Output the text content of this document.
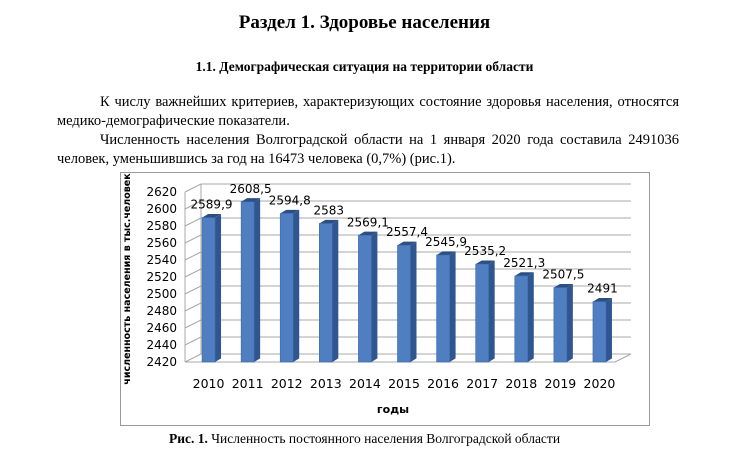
Раздел 1. Здоровье населения
1.1. Демографическая ситуация на территории области
К числу важнейших критериев, характеризующих состояние здоровья населения, относятся медико-демографические показатели.
Численность населения Волгоградской области на 1 января 2020 года составила 2491036 человек, уменьшившись за год на 16473 человека (0,7%) (рис.1).
2420
2440
2460
2480
2500
2520
2540
2560
2580
2600
2620
2589,9
2010
2608,5
2011
2594,8
2012
2583
2013
2569,1
2014
2557,4
2015
2545,9
2016
2535,2
2017
2521,3
2018
2507,5
2019
2491
2020
годы
численность населения в тыс.человек
Рис. 1. Численность постоянного населения Волгоградской области
